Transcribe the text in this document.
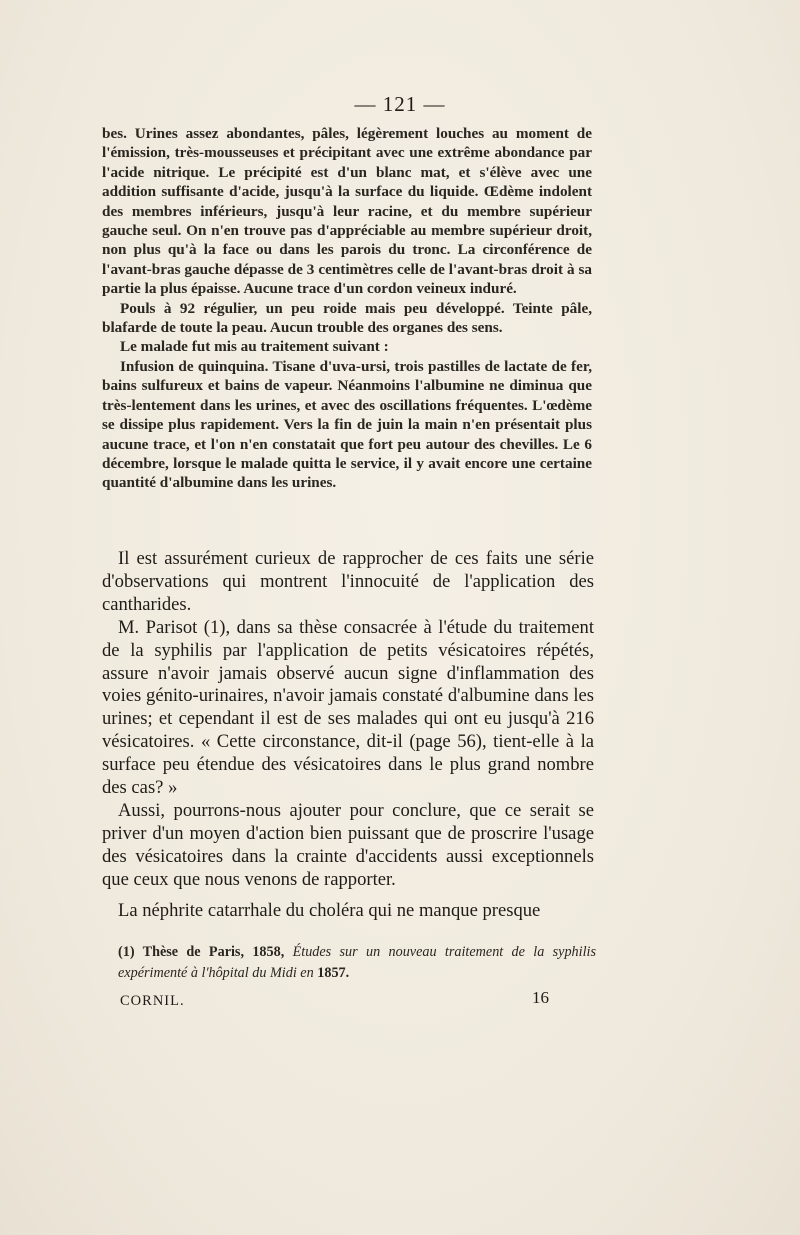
— 121 —

bes. Urines assez abondantes, pâles, légèrement louches au moment de l'émission, très-mousseuses et précipitant avec une extrême abondance par l'acide nitrique. Le précipité est d'un blanc mat, et s'élève avec une addition suffisante d'acide, jusqu'à la surface du liquide. Œdème indolent des membres inférieurs, jusqu'à leur racine, et du membre supérieur gauche seul. On n'en trouve pas d'appréciable au membre supérieur droit, non plus qu'à la face ou dans les parois du tronc. La circonférence de l'avant-bras gauche dépasse de 3 centimètres celle de l'avant-bras droit à sa partie la plus épaisse. Aucune trace d'un cordon veineux induré.

Pouls à 92 régulier, un peu roide mais peu développé. Teinte pâle, blafarde de toute la peau. Aucun trouble des organes des sens.

Le malade fut mis au traitement suivant :

Infusion de quinquina. Tisane d'uva-ursi, trois pastilles de lactate de fer, bains sulfureux et bains de vapeur. Néanmoins l'albumine ne diminua que très-lentement dans les urines, et avec des oscillations fréquentes. L'œdème se dissipe plus rapidement. Vers la fin de juin la main n'en présentait plus aucune trace, et l'on n'en constatait que fort peu autour des chevilles. Le 6 décembre, lorsque le malade quitta le service, il y avait encore une certaine quantité d'albumine dans les urines.

Il est assurément curieux de rapprocher de ces faits une série d'observations qui montrent l'innocuité de l'application des cantharides.

M. Parisot (1), dans sa thèse consacrée à l'étude du traitement de la syphilis par l'application de petits vésicatoires répétés, assure n'avoir jamais observé aucun signe d'inflammation des voies génito-urinaires, n'avoir jamais constaté d'albumine dans les urines; et cependant il est de ses malades qui ont eu jusqu'à 216 vésicatoires. « Cette circonstance, dit-il (page 56), tient-elle à la surface peu étendue des vésicatoires dans le plus grand nombre des cas? »

Aussi, pourrons-nous ajouter pour conclure, que ce serait se priver d'un moyen d'action bien puissant que de proscrire l'usage des vésicatoires dans la crainte d'accidents aussi exceptionnels que ceux que nous venons de rapporter.

La néphrite catarrhale du choléra qui ne manque presque

(1) Thèse de Paris, 1858, Études sur un nouveau traitement de la syphilis expérimenté à l'hôpital du Midi en 1857.
CORNIL.	16
